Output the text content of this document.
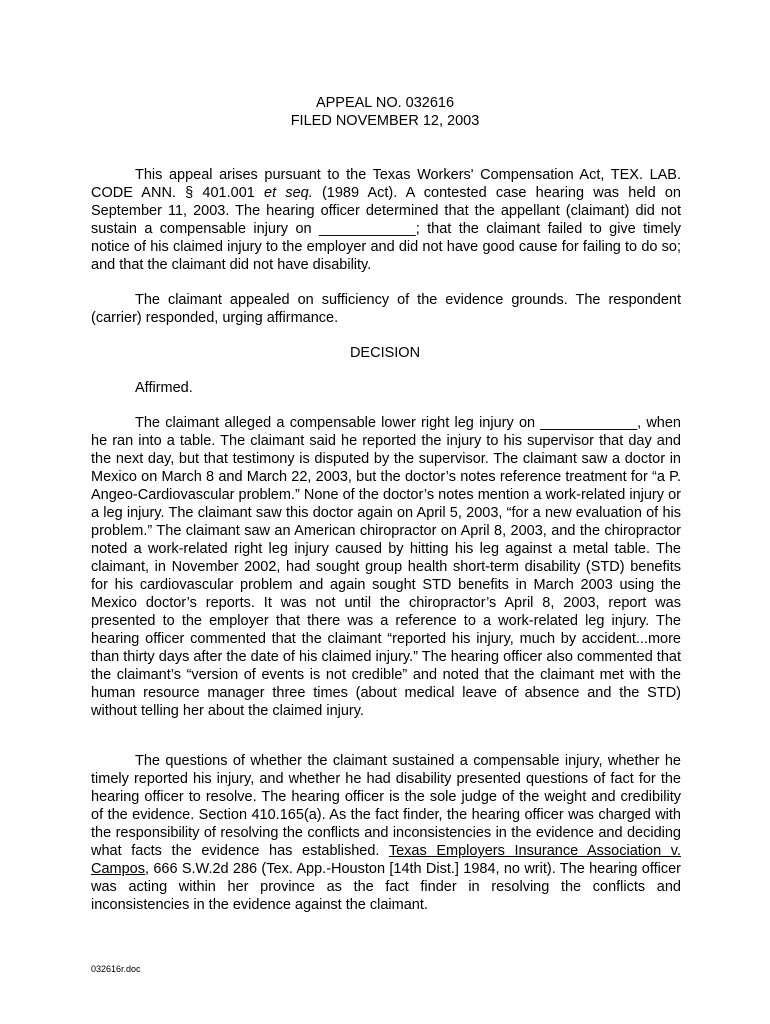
APPEAL NO. 032616
FILED NOVEMBER 12, 2003

This appeal arises pursuant to the Texas Workers' Compensation Act, TEX. LAB. CODE ANN. § 401.001 et seq. (1989 Act). A contested case hearing was held on September 11, 2003. The hearing officer determined that the appellant (claimant) did not sustain a compensable injury on ____________; that the claimant failed to give timely notice of his claimed injury to the employer and did not have good cause for failing to do so; and that the claimant did not have disability.

The claimant appealed on sufficiency of the evidence grounds. The respondent (carrier) responded, urging affirmance.

DECISION

Affirmed.

The claimant alleged a compensable lower right leg injury on ____________, when he ran into a table. The claimant said he reported the injury to his supervisor that day and the next day, but that testimony is disputed by the supervisor. The claimant saw a doctor in Mexico on March 8 and March 22, 2003, but the doctor’s notes reference treatment for “a P. Angeo-Cardiovascular problem.” None of the doctor’s notes mention a work-related injury or a leg injury. The claimant saw this doctor again on April 5, 2003, “for a new evaluation of his problem.” The claimant saw an American chiropractor on April 8, 2003, and the chiropractor noted a work-related right leg injury caused by hitting his leg against a metal table. The claimant, in November 2002, had sought group health short-term disability (STD) benefits for his cardiovascular problem and again sought STD benefits in March 2003 using the Mexico doctor’s reports. It was not until the chiropractor’s April 8, 2003, report was presented to the employer that there was a reference to a work-related leg injury. The hearing officer commented that the claimant “reported his injury, much by accident...more than thirty days after the date of his claimed injury.” The hearing officer also commented that the claimant’s “version of events is not credible” and noted that the claimant met with the human resource manager three times (about medical leave of absence and the STD) without telling her about the claimed injury.

The questions of whether the claimant sustained a compensable injury, whether he timely reported his injury, and whether he had disability presented questions of fact for the hearing officer to resolve. The hearing officer is the sole judge of the weight and credibility of the evidence. Section 410.165(a). As the fact finder, the hearing officer was charged with the responsibility of resolving the conflicts and inconsistencies in the evidence and deciding what facts the evidence has established. Texas Employers Insurance Association v. Campos, 666 S.W.2d 286 (Tex. App.-Houston [14th Dist.] 1984, no writ). The hearing officer was acting within her province as the fact finder in resolving the conflicts and inconsistencies in the evidence against the claimant.

032616r.doc
